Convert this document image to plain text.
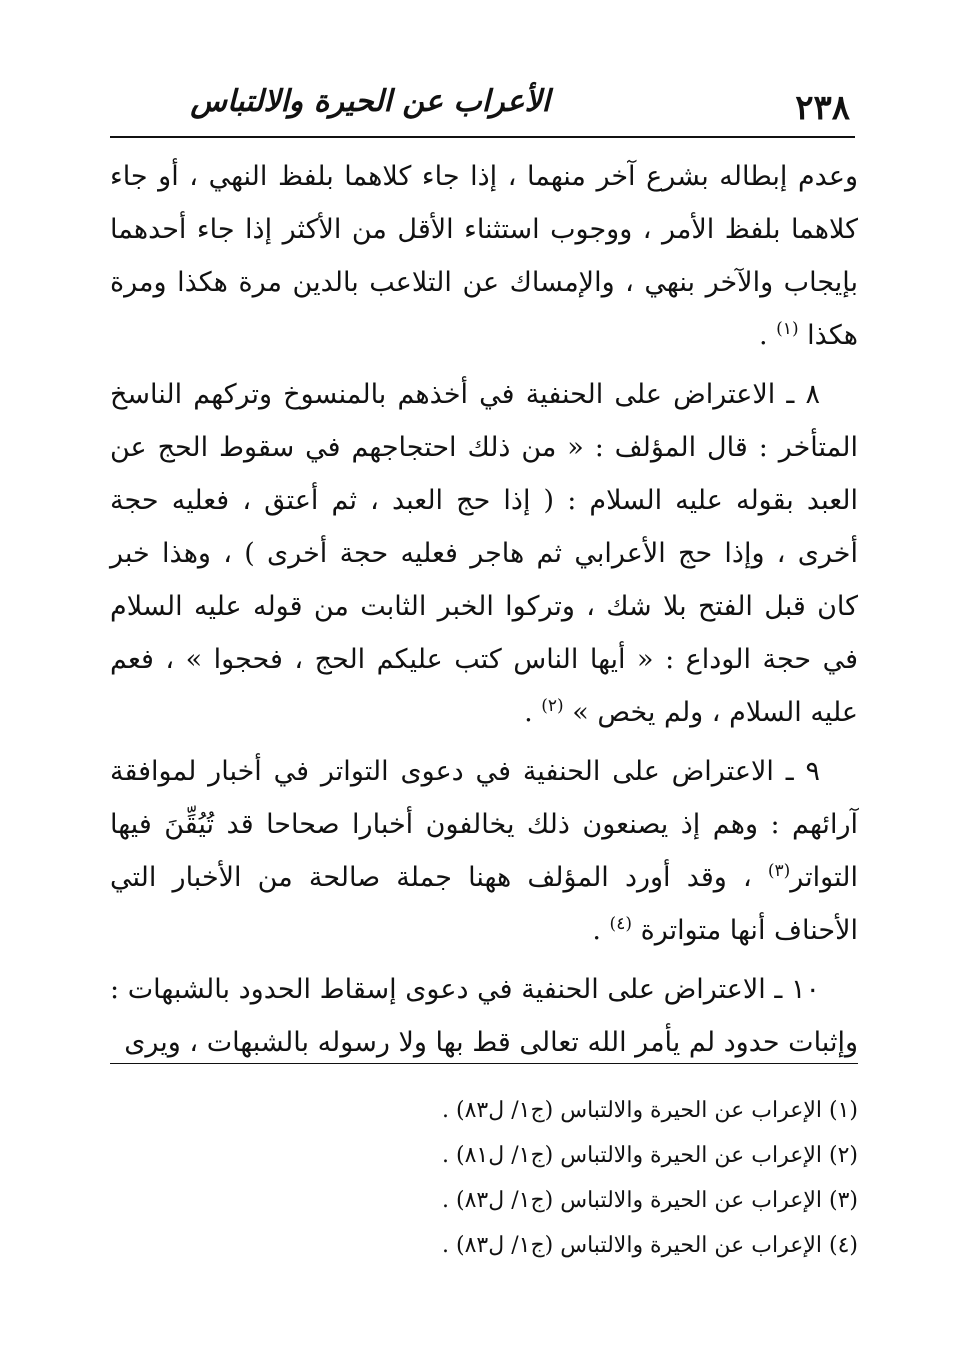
٢٣٨
الأعراب عن الحيرة والالتباس

وعدم إبطاله بشرع آخر منهما ، إذا جاء كلاهما بلفظ النهي ، أو جاء كلاهما بلفظ الأمر ، ووجوب استثناء الأقل من الأكثر إذا جاء أحدهما بإيجاب والآخر بنهي ، والإمساك عن التلاعب بالدين مرة هكذا ومرة هكذا $^{(١)}$ .

٨ ـ الاعتراض على الحنفية في أخذهم بالمنسوخ وتركهم الناسخ المتأخر : قال المؤلف : « من ذلك احتجاجهم في سقوط الحج عن العبد بقوله عليه السلام : ( إذا حج العبد ، ثم أعتق ، فعليه حجة أخرى ، وإذا حج الأعرابي ثم هاجر فعليه حجة أخرى ) ، وهذا خبر كان قبل الفتح بلا شك ، وتركوا الخبر الثابت من قوله عليه السلام في حجة الوداع : « أيها الناس كتب عليكم الحج ، فحجوا » ، فعم عليه السلام ، ولم يخص » $^{(٢)}$ .

٩ ـ الاعتراض على الحنفية في دعوى التواتر في أخبار لموافقة آرائهم : وهم إذ يصنعون ذلك يخالفون أخبارا صحاحا قد تُيُقِّنَ فيها التواتر$^{(٣)}$ ، وقد أورد المؤلف ههنا جملة صالحة من الأخبار التي الأحناف أنها متواترة $^{(٤)}$ .

١٠ ـ الاعتراض على الحنفية في دعوى إسقاط الحدود بالشبهات : وإثبات حدود لم يأمر الله تعالى قط بها ولا رسوله بالشبهات ، ويرى

(١) الإعراب عن الحيرة والالتباس (ج١/ ل٨٣) .
(٢) الإعراب عن الحيرة والالتباس (ج١/ ل٨١) .
(٣) الإعراب عن الحيرة والالتباس (ج١/ ل٨٣) .
(٤) الإعراب عن الحيرة والالتباس (ج١/ ل٨٣) .
